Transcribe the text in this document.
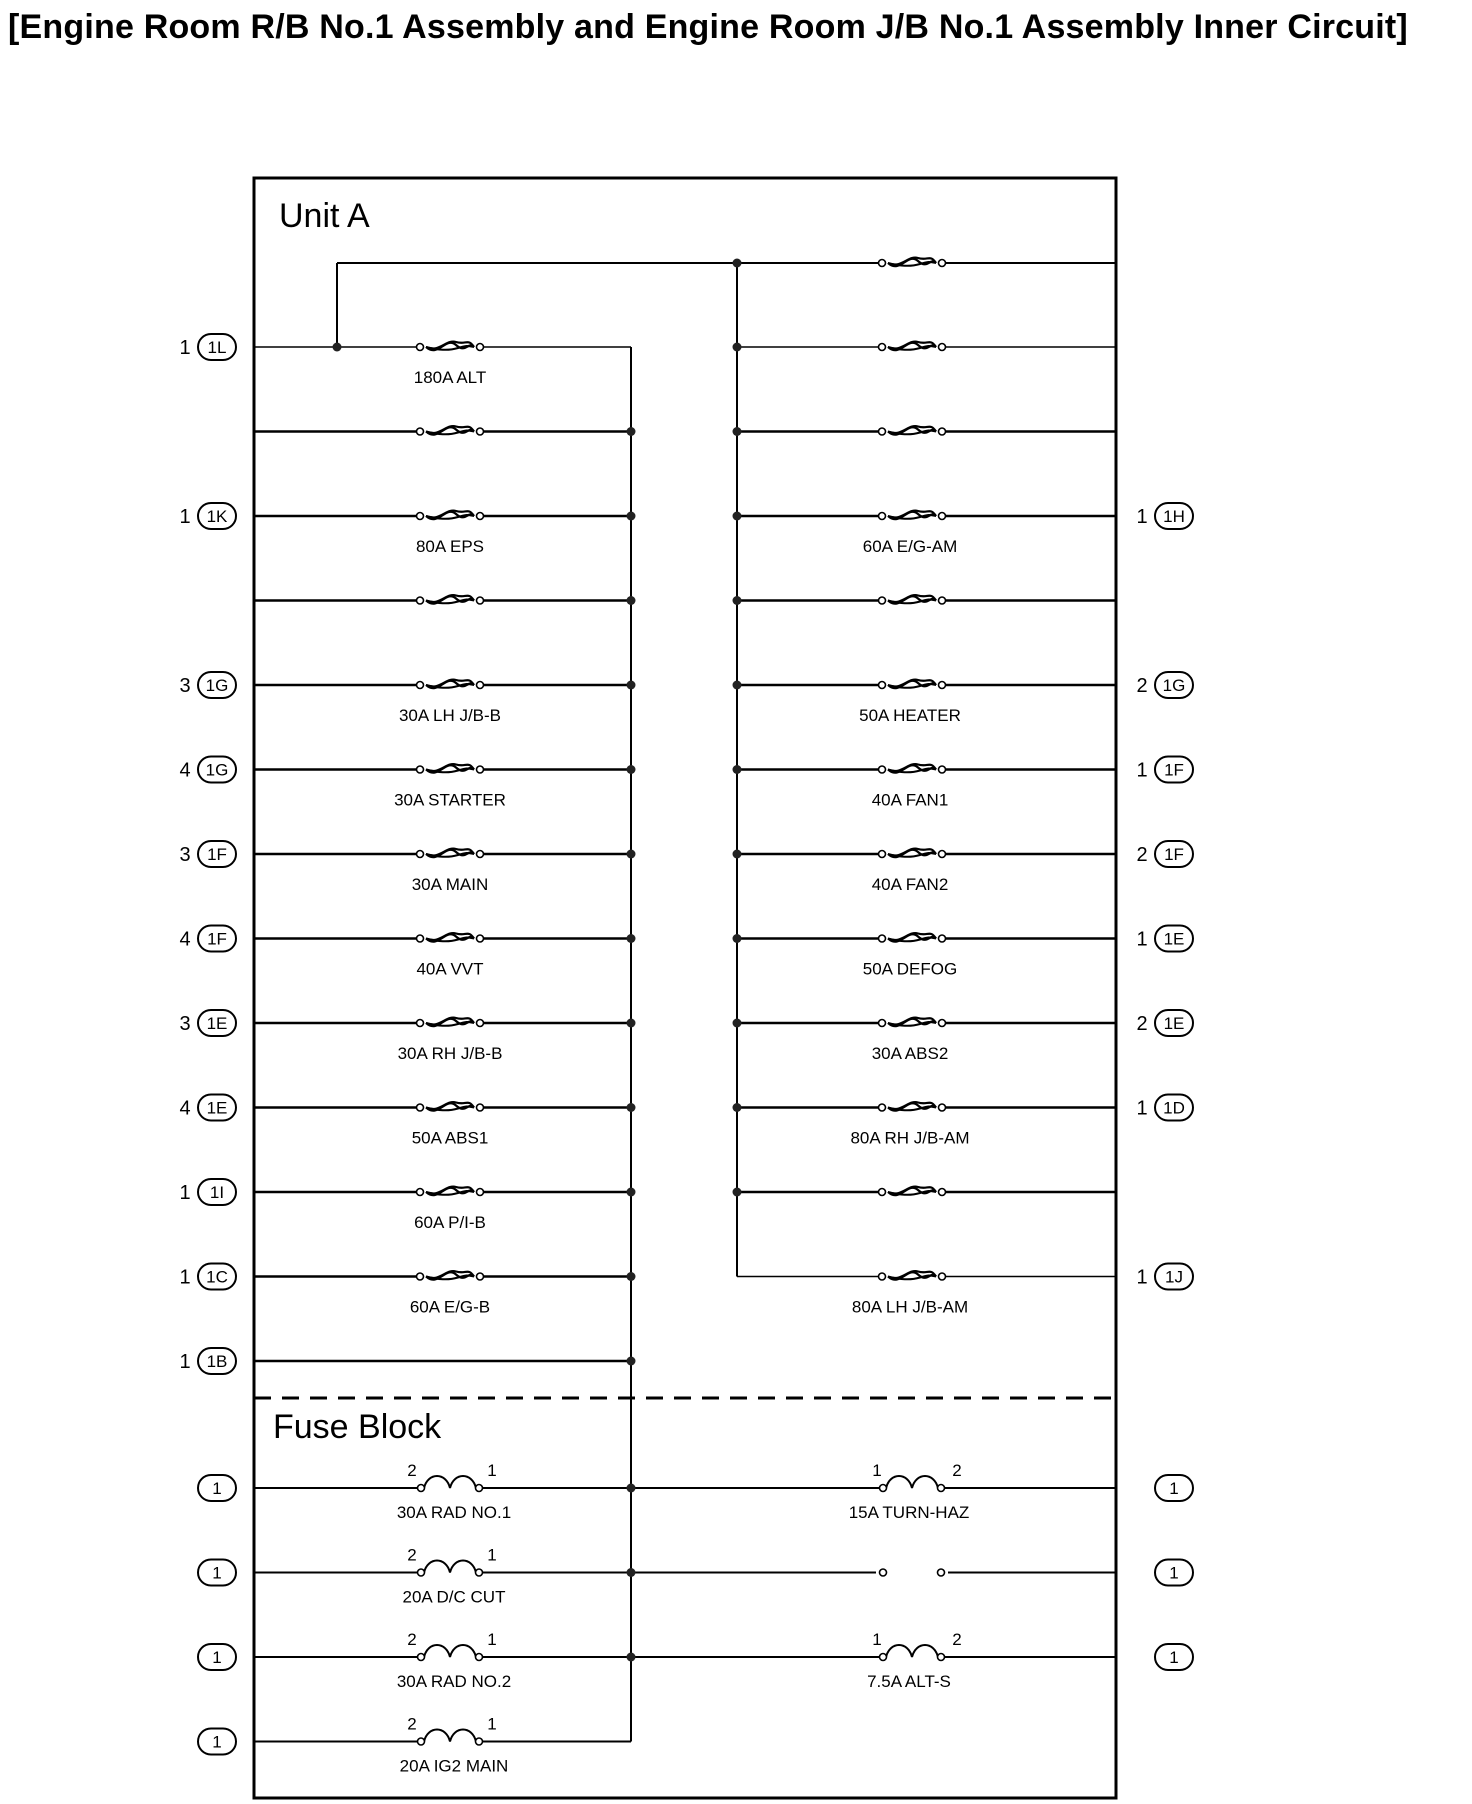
[Engine Room R/B No.1 Assembly and Engine Room J/B No.1 Assembly Inner Circuit]
Unit A
Fuse Block
180A ALT
1 1L
80A EPS
1 1K
30A LH J/B-B
3 1G
30A STARTER
4 1G
30A MAIN
3 1F
40A VVT
4 1F
30A RH J/B-B
3 1E
50A ABS1
4 1E
60A P/I-B
1 1I
60A E/G-B
1 1C
1 1B
60A E/G-AM
1 1H
50A HEATER
2 1G
40A FAN1
1 1F
40A FAN2
2 1F
50A DEFOG
1 1E
30A ABS2
2 1E
80A RH J/B-AM
1 1D
80A LH J/B-AM
1 1J
2	1
30A RAD NO.1
1
2	1
20A D/C CUT
1
2	1
30A RAD NO.2
1
2	1
20A IG2 MAIN
1
1	2
15A TURN-HAZ
1
1
1	2
7.5A ALT-S
1
